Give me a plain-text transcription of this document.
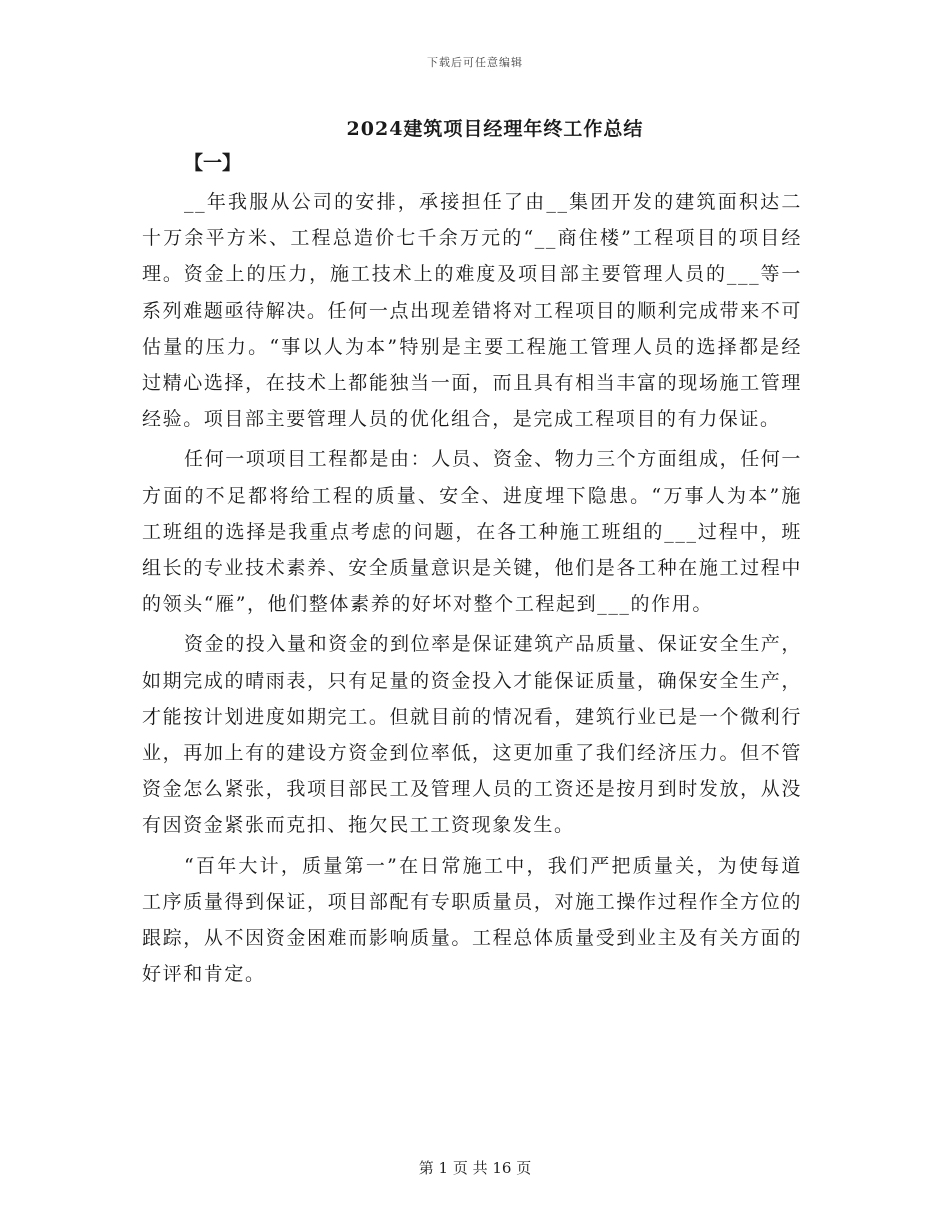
下载后可任意编辑
2024建筑项目经理年终工作总结
【一】

__年我服从公司的安排，承接担任了由__集团开发的建筑面积达二十万余平方米、工程总造价七千余万元的“__商住楼”工程项目的项目经理。资金上的压力，施工技术上的难度及项目部主要管理人员的___等一系列难题亟待解决。任何一点出现差错将对工程项目的顺利完成带来不可估量的压力。“事以人为本”特别是主要工程施工管理人员的选择都是经过精心选择，在技术上都能独当一面，而且具有相当丰富的现场施工管理经验。项目部主要管理人员的优化组合，是完成工程项目的有力保证。

任何一项项目工程都是由：人员、资金、物力三个方面组成，任何一方面的不足都将给工程的质量、安全、进度埋下隐患。“万事人为本”施工班组的选择是我重点考虑的问题，在各工种施工班组的___过程中，班组长的专业技术素养、安全质量意识是关键，他们是各工种在施工过程中的领头“雁”，他们整体素养的好坏对整个工程起到___的作用。

资金的投入量和资金的到位率是保证建筑产品质量、保证安全生产，如期完成的晴雨表，只有足量的资金投入才能保证质量，确保安全生产，才能按计划进度如期完工。但就目前的情况看，建筑行业已是一个微利行业，再加上有的建设方资金到位率低，这更加重了我们经济压力。但不管资金怎么紧张，我项目部民工及管理人员的工资还是按月到时发放，从没有因资金紧张而克扣、拖欠民工工资现象发生。

“百年大计，质量第一”在日常施工中，我们严把质量关，为使每道工序质量得到保证，项目部配有专职质量员，对施工操作过程作全方位的跟踪，从不因资金困难而影响质量。工程总体质量受到业主及有关方面的好评和肯定。

第 1 页 共 16 页
